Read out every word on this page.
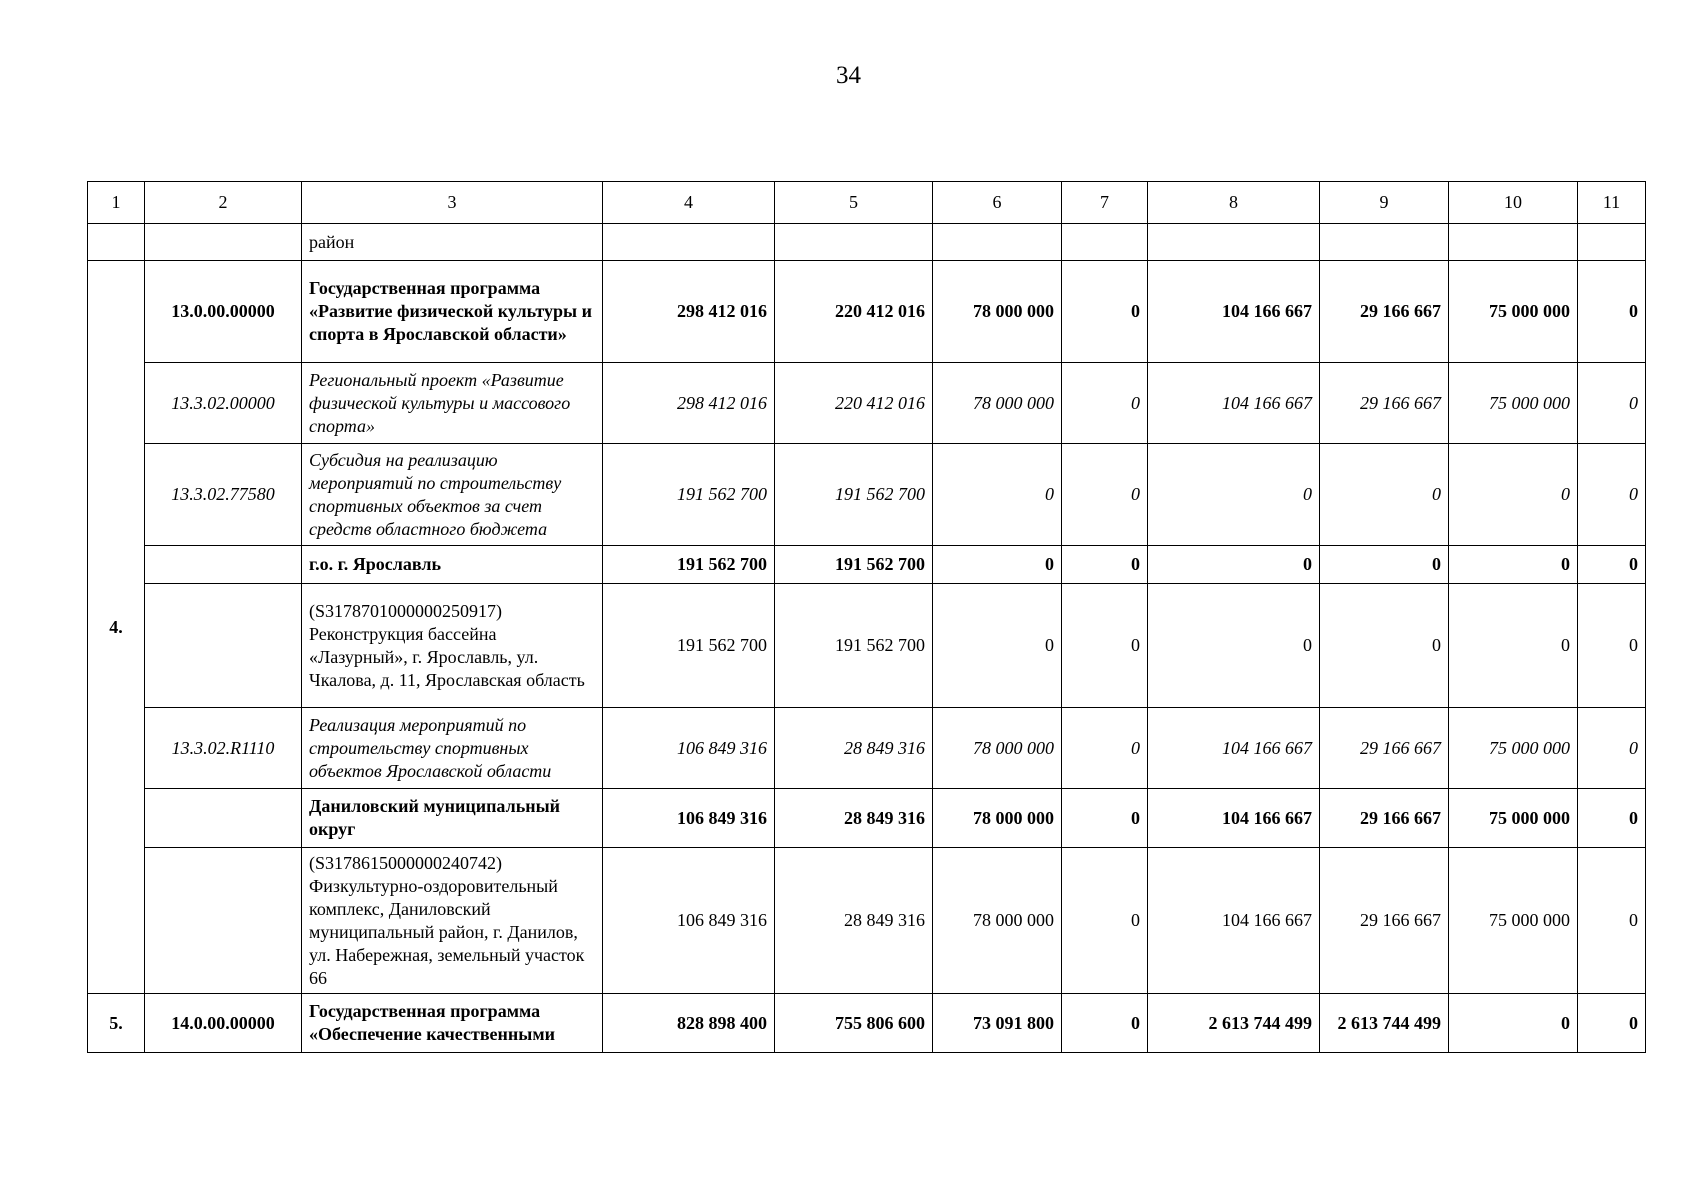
34
1	2	3	4	5	6	7	8	9	10	11
		район								
4.	13.0.00.00000	Государственная программа «Развитие физической культуры и спорта в Ярославской области»	298 412 016	220 412 016	78 000 000	0	104 166 667	29 166 667	75 000 000	0
	13.3.02.00000	Региональный проект «Развитие физической культуры и массового спорта»	298 412 016	220 412 016	78 000 000	0	104 166 667	29 166 667	75 000 000	0
	13.3.02.77580	Субсидия на реализацию мероприятий по строительству спортивных объектов за счет средств областного бюджета	191 562 700	191 562 700	0	0	0	0	0	0
		г.о. г. Ярославль	191 562 700	191 562 700	0	0	0	0	0	0
		(S3178701000000250917) Реконструкция бассейна «Лазурный», г. Ярославль, ул. Чкалова, д. 11, Ярославская область	191 562 700	191 562 700	0	0	0	0	0	0
	13.3.02.R1110	Реализация мероприятий по строительству спортивных объектов Ярославской области	106 849 316	28 849 316	78 000 000	0	104 166 667	29 166 667	75 000 000	0
		Даниловский муниципальный округ	106 849 316	28 849 316	78 000 000	0	104 166 667	29 166 667	75 000 000	0
		(S3178615000000240742) Физкультурно-оздоровительный комплекс, Даниловский муниципальный район, г. Данилов, ул. Набережная, земельный участок 66	106 849 316	28 849 316	78 000 000	0	104 166 667	29 166 667	75 000 000	0
5.	14.0.00.00000	Государственная программа «Обеспечение качественными	828 898 400	755 806 600	73 091 800	0	2 613 744 499	2 613 744 499	0	0
